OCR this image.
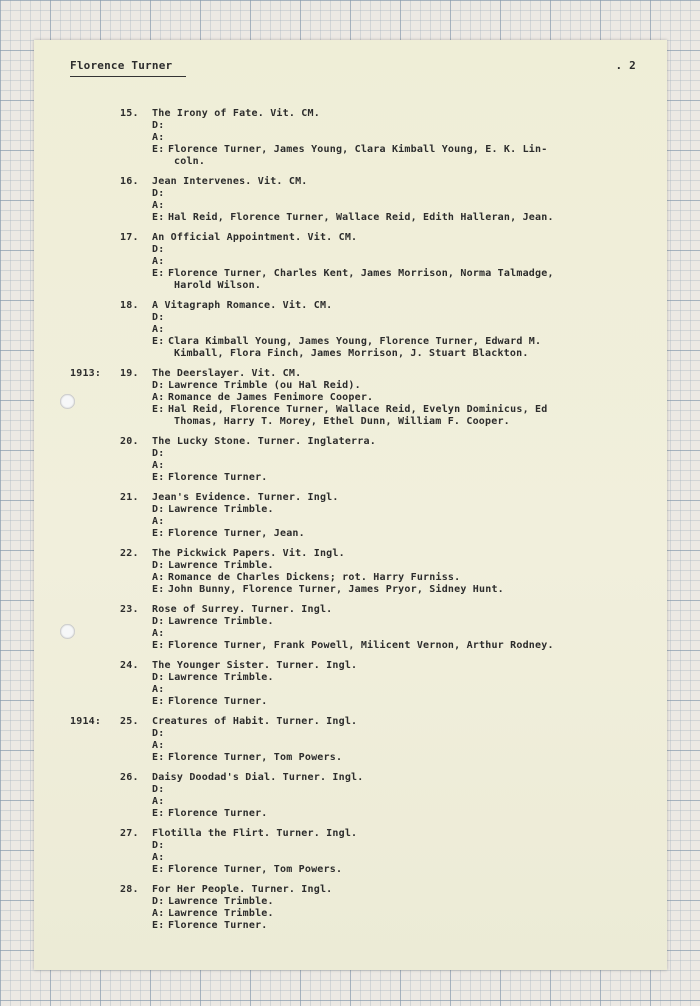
Florence Turner	. 2
15. The Irony of Fate. Vit. CM.
D:
A:
E: Florence Turner, James Young, Clara Kimball Young, E. K. Lin-
coln.
16. Jean Intervenes. Vit. CM.
D:
A:
E: Hal Reid, Florence Turner, Wallace Reid, Edith Halleran, Jean.
17. An Official Appointment. Vit. CM.
D:
A:
E: Florence Turner, Charles Kent, James Morrison, Norma Talmadge,
Harold Wilson.
18. A Vitagraph Romance. Vit. CM.
D:
A:
E: Clara Kimball Young, James Young, Florence Turner, Edward M.
Kimball, Flora Finch, James Morrison, J. Stuart Blackton.
1913: 19. The Deerslayer. Vit. CM.
D: Lawrence Trimble (ou Hal Reid).
A: Romance de James Fenimore Cooper.
E: Hal Reid, Florence Turner, Wallace Reid, Evelyn Dominicus, Ed
Thomas, Harry T. Morey, Ethel Dunn, William F. Cooper.
20. The Lucky Stone. Turner. Inglaterra.
D:
A:
E: Florence Turner.
21. Jean's Evidence. Turner. Ingl.
D: Lawrence Trimble.
A:
E: Florence Turner, Jean.
22. The Pickwick Papers. Vit. Ingl.
D: Lawrence Trimble.
A: Romance de Charles Dickens; rot. Harry Furniss.
E: John Bunny, Florence Turner, James Pryor, Sidney Hunt.
23. Rose of Surrey. Turner. Ingl.
D: Lawrence Trimble.
A:
E: Florence Turner, Frank Powell, Milicent Vernon, Arthur Rodney.
24. The Younger Sister. Turner. Ingl.
D: Lawrence Trimble.
A:
E: Florence Turner.
1914: 25. Creatures of Habit. Turner. Ingl.
D:
A:
E: Florence Turner, Tom Powers.
26. Daisy Doodad's Dial. Turner. Ingl.
D:
A:
E: Florence Turner.
27. Flotilla the Flirt. Turner. Ingl.
D:
A:
E: Florence Turner, Tom Powers.
28. For Her People. Turner. Ingl.
D: Lawrence Trimble.
A: Lawrence Trimble.
E: Florence Turner.
